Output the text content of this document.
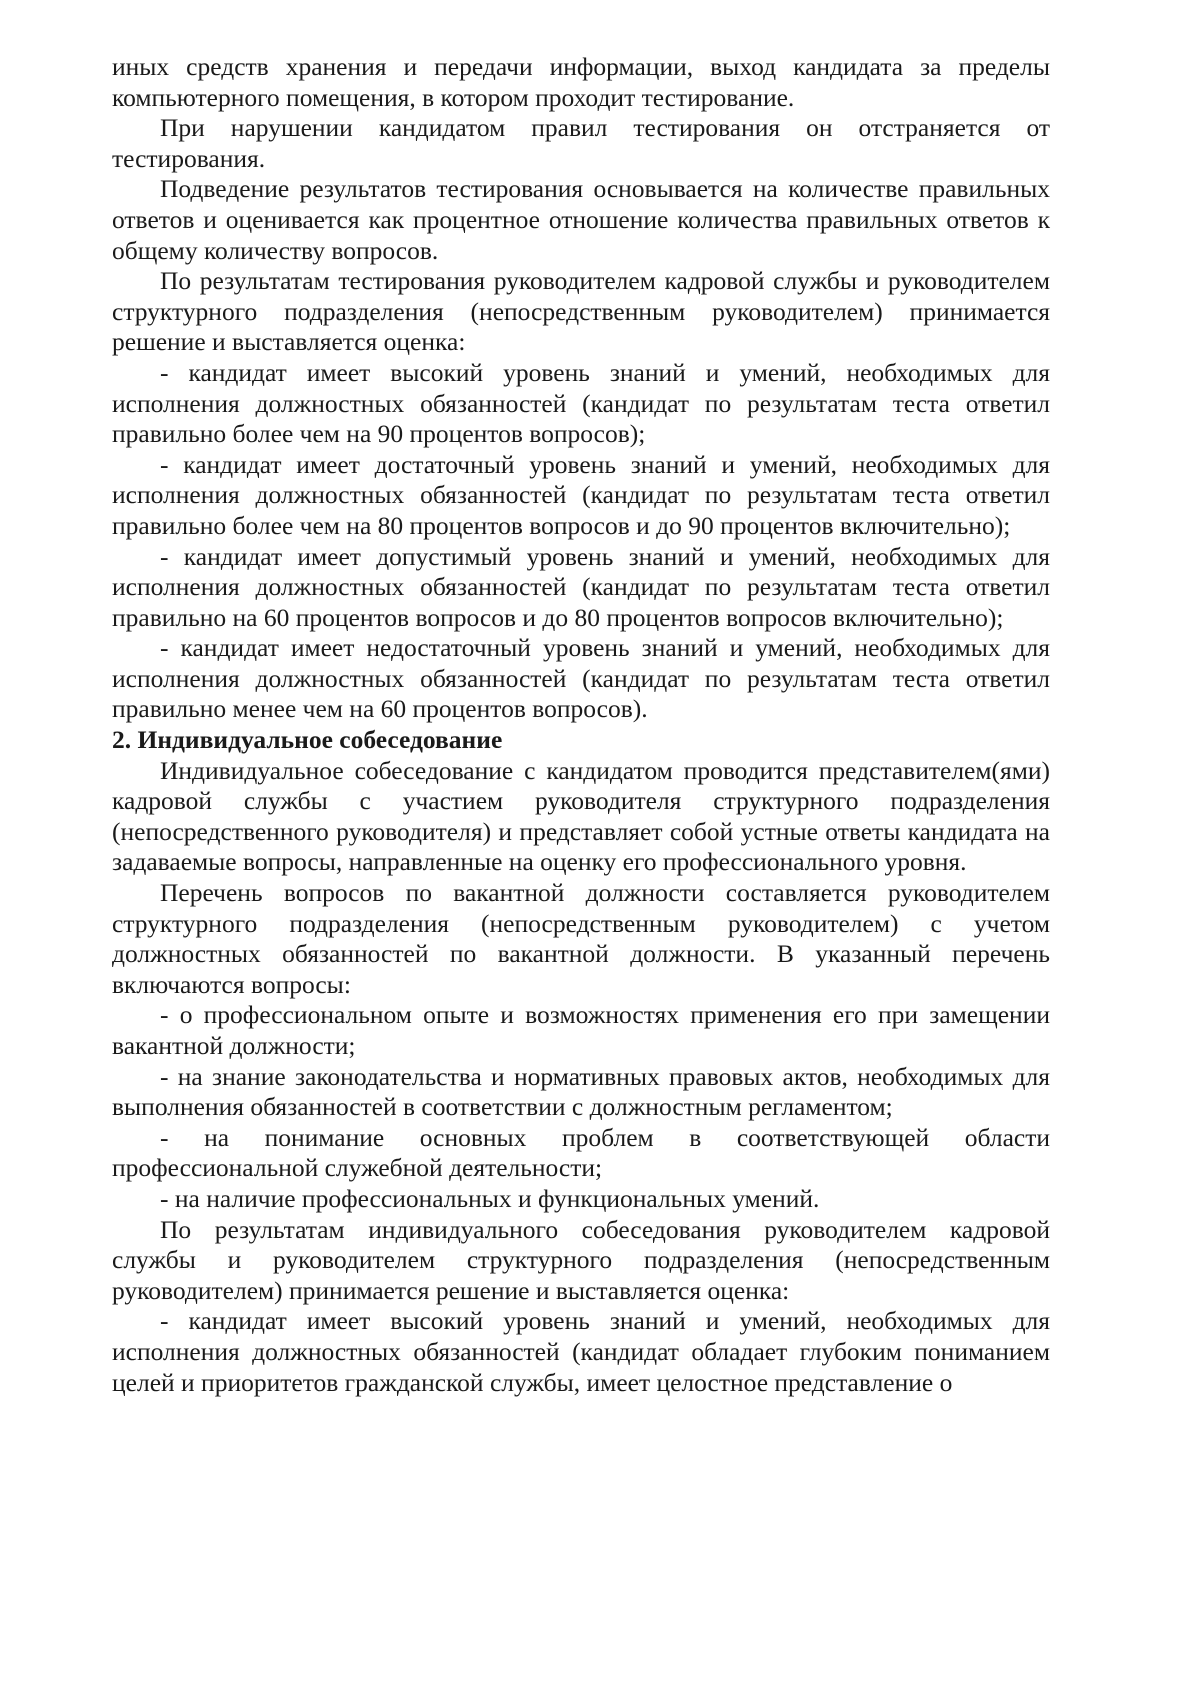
иных средств хранения и передачи информации, выход кандидата за пределы компьютерного помещения, в котором проходит тестирование.

При нарушении кандидатом правил тестирования он отстраняется от тестирования.

Подведение результатов тестирования основывается на количестве правильных ответов и оценивается как процентное отношение количества правильных ответов к общему количеству вопросов.

По результатам тестирования руководителем кадровой службы и руководителем структурного подразделения (непосредственным руководителем) принимается решение и выставляется оценка:

- кандидат имеет высокий уровень знаний и умений, необходимых для исполнения должностных обязанностей (кандидат по результатам теста ответил правильно более чем на 90 процентов вопросов);

- кандидат имеет достаточный уровень знаний и умений, необходимых для исполнения должностных обязанностей (кандидат по результатам теста ответил правильно более чем на 80 процентов вопросов и до 90 процентов включительно);

- кандидат имеет допустимый уровень знаний и умений, необходимых для исполнения должностных обязанностей (кандидат по результатам теста ответил правильно на 60 процентов вопросов и до 80 процентов вопросов включительно);

- кандидат имеет недостаточный уровень знаний и умений, необходимых для исполнения должностных обязанностей (кандидат по результатам теста ответил правильно менее чем на 60 процентов вопросов).

2. Индивидуальное собеседование

Индивидуальное собеседование с кандидатом проводится представителем(ями) кадровой службы с участием руководителя структурного подразделения (непосредственного руководителя) и представляет собой устные ответы кандидата на задаваемые вопросы, направленные на оценку его профессионального уровня.

Перечень вопросов по вакантной должности составляется руководителем структурного подразделения (непосредственным руководителем) с учетом должностных обязанностей по вакантной должности. В указанный перечень включаются вопросы:

- о профессиональном опыте и возможностях применения его при замещении вакантной должности;

- на знание законодательства и нормативных правовых актов, необходимых для выполнения обязанностей в соответствии с должностным регламентом;

- на понимание основных проблем в соответствующей области профессиональной служебной деятельности;

- на наличие профессиональных и функциональных умений.

По результатам индивидуального собеседования руководителем кадровой службы и руководителем структурного подразделения (непосредственным руководителем) принимается решение и выставляется оценка:

- кандидат имеет высокий уровень знаний и умений, необходимых для исполнения должностных обязанностей (кандидат обладает глубоким пониманием целей и приоритетов гражданской службы, имеет целостное представление о
